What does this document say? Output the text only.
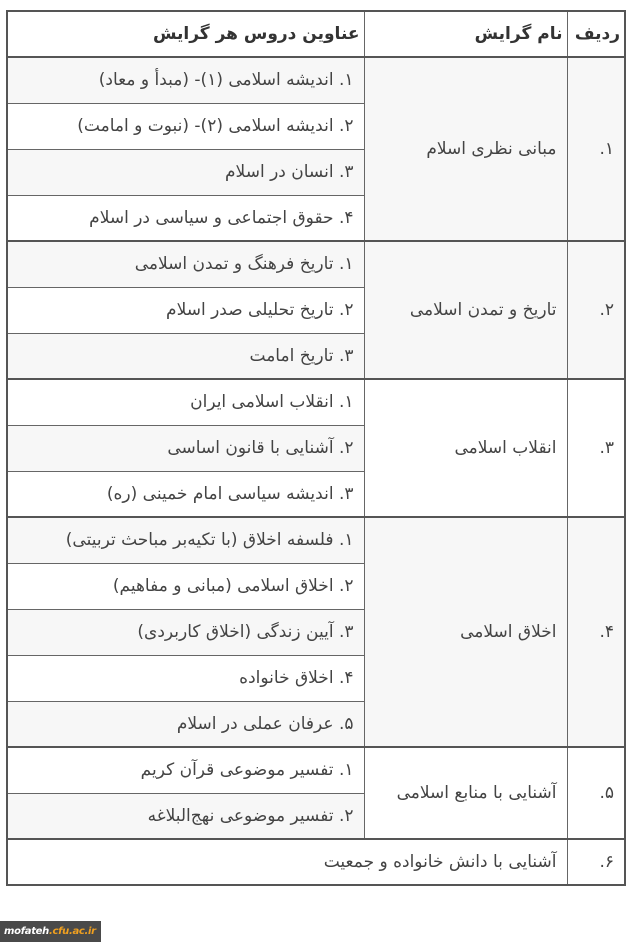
ردیف	نام گرایش	عناوین دروس هر گرایش
۱.	مبانی نظری اسلام	۱. اندیشه اسلامی (۱)- (مبدأ و معاد)
		۲. اندیشه اسلامی (۲)- (نبوت و امامت)
		۳. انسان در اسلام
		۴. حقوق اجتماعی و سیاسی در اسلام
۲.	تاریخ و تمدن اسلامی	۱. تاریخ فرهنگ و تمدن اسلامی
		۲. تاریخ تحلیلی صدر اسلام
		۳. تاریخ امامت
۳.	انقلاب اسلامی	۱. انقلاب اسلامی ایران
		۲. آشنایی با قانون اساسی
		۳. اندیشه سیاسی امام خمینی (ره)
۴.	اخلاق اسلامی	۱. فلسفه اخلاق (با تکیه‌بر مباحث تربیتی)
		۲. اخلاق اسلامی (مبانی و مفاهیم)
		۳. آیین زندگی (اخلاق کاربردی)
		۴. اخلاق خانواده
		۵. عرفان عملی در اسلام
۵.	آشنایی با منابع اسلامی	۱. تفسیر موضوعی قرآن کریم
		۲. تفسیر موضوعی نهج‌البلاغه
۶.	آشنایی با دانش خانواده و جمعیت	
mofateh.cfu.ac.ir
